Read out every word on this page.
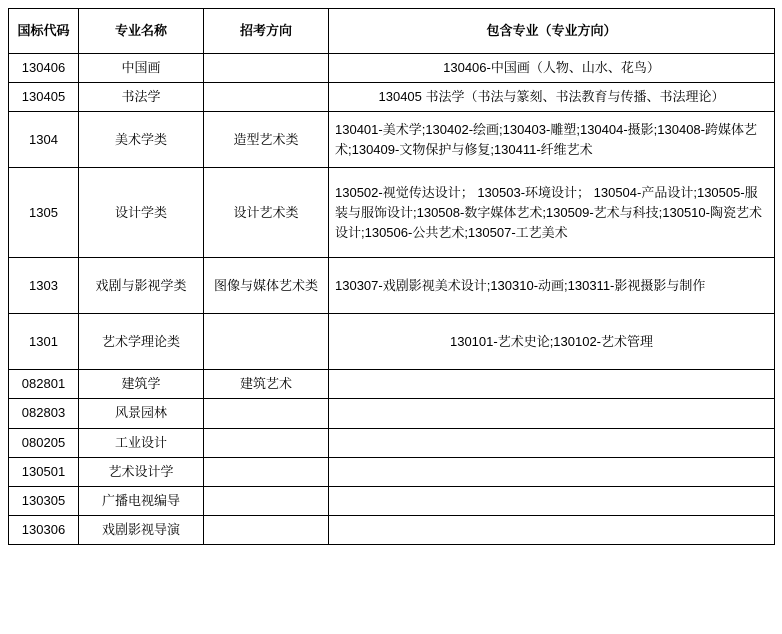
国标代码	专业名称	招考方向	包含专业（专业方向）
130406	中国画		130406-中国画（人物、山水、花鸟）
130405	书法学		130405 书法学（书法与篆刻、书法教育与传播、书法理论）
1304	美术学类	造型艺术类	130401-美术学;130402-绘画;130403-雕塑;130404-摄影;130408-跨媒体艺术;130409-文物保护与修复;130411-纤维艺术
1305	设计学类	设计艺术类	130502-视觉传达设计； 130503-环境设计； 130504-产品设计;130505-服装与服饰设计;130508-数字媒体艺术;130509-艺术与科技;130510-陶瓷艺术设计;130506-公共艺术;130507-工艺美术
1303	戏剧与影视学类	图像与媒体艺术类	130307-戏剧影视美术设计;130310-动画;130311-影视摄影与制作
1301	艺术学理论类		130101-艺术史论;130102-艺术管理
082801	建筑学	建筑艺术	
082803	风景园林		
080205	工业设计		
130501	艺术设计学		
130305	广播电视编导		
130306	戏剧影视导演		
